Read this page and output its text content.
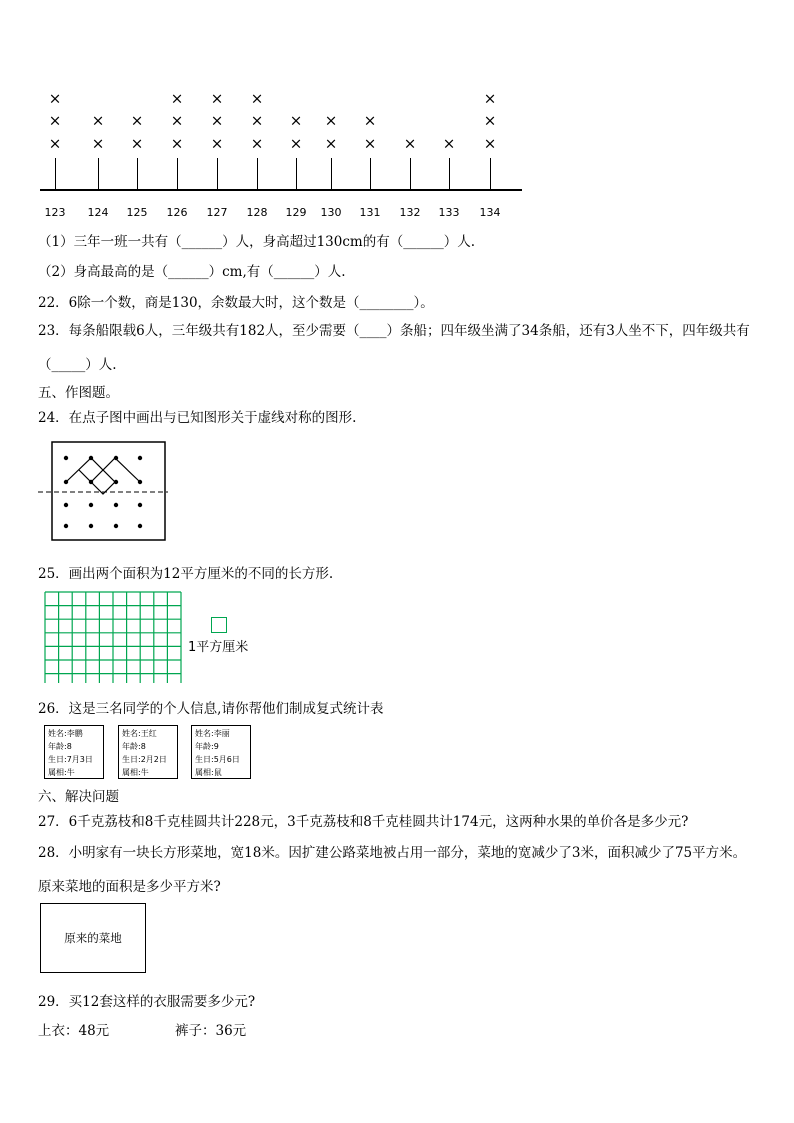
123
×
×
×
124
×
×
125
×
×
126
×
×
×
127
×
×
×
128
×
×
×
129
×
×
130
×
×
131
×
×
132
×
133
×
134
×
×
×
（1）三年一班一共有（______）人，身高超过130cm的有（______）人.
（2）身高最高的是（______）cm,有（______）人.
22．6除一个数，商是130，余数最大时，这个数是（________）。
23．每条船限载6人，三年级共有182人，至少需要（____）条船；四年级坐满了34条船，还有3人坐不下，四年级共有（_____）人.
五、作图题。
24．在点子图中画出与已知图形关于虚线对称的图形.
25．画出两个面积为12平方厘米的不同的长方形.
1平方厘米
26．这是三名同学的个人信息,请你帮他们制成复式统计表
姓名:李鹏
年龄:8
生日:7月3日
属相:牛
姓名:王红
年龄:8
生日:2月2日
属相:牛
姓名:李丽
年龄:9
生日:5月6日
属相:鼠
六、解决问题
27．6千克荔枝和8千克桂圆共计228元，3千克荔枝和8千克桂圆共计174元，这两种水果的单价各是多少元?
28．小明家有一块长方形菜地，宽18米。因扩建公路菜地被占用一部分，菜地的宽减少了3米，面积减少了75平方米。原来菜地的面积是多少平方米?
原来的菜地
29．买12套这样的衣服需要多少元?
上衣：48元	裤子：36元
